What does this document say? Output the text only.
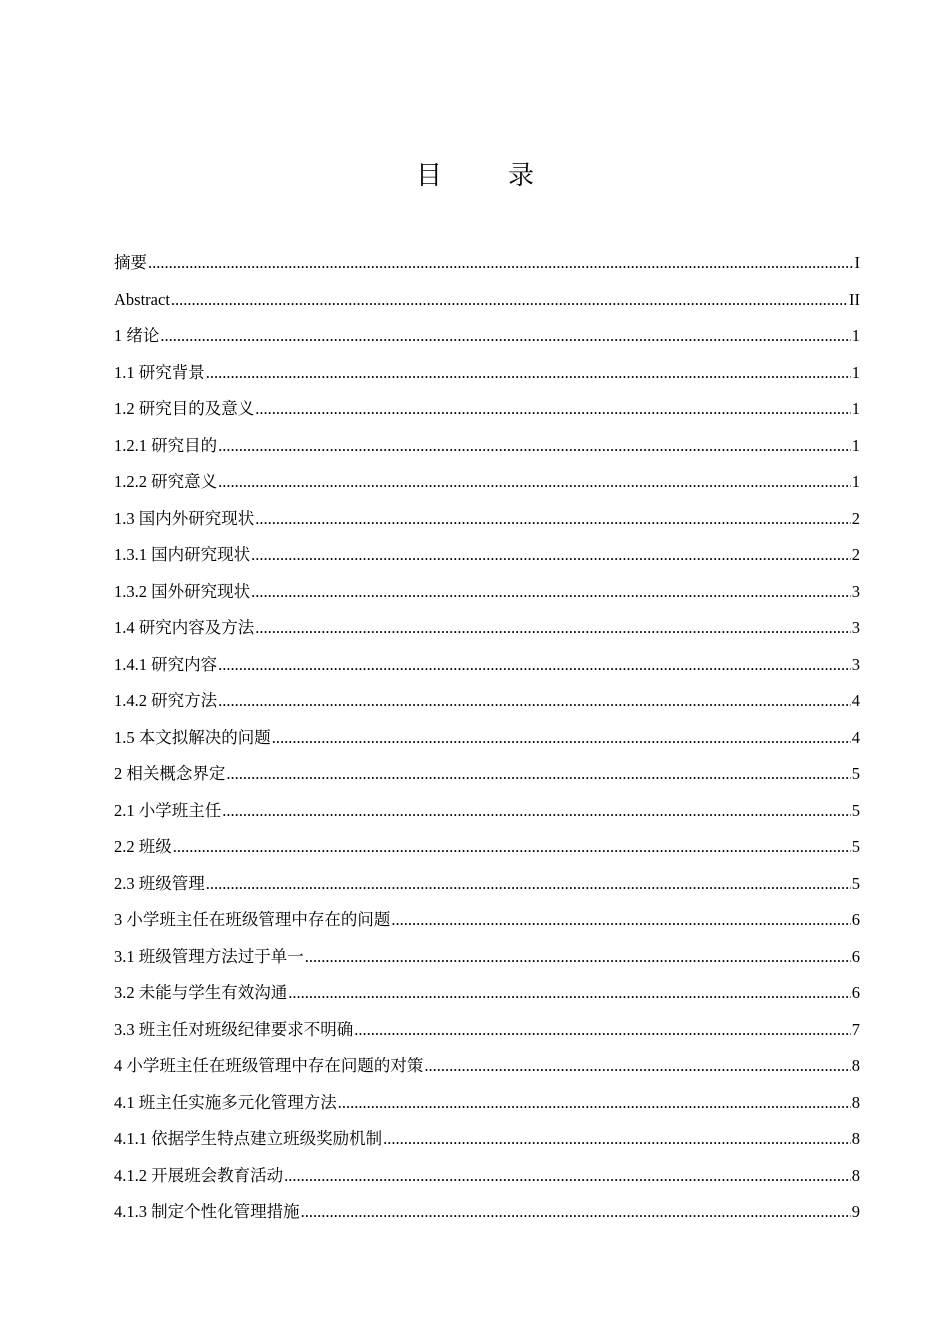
目　录
摘要 .....	I
Abstract .....	II
1 绪论 .....	1
1.1 研究背景 .....	1
1.2 研究目的及意义 .....	1
1.2.1 研究目的 .....	1
1.2.2 研究意义 .....	1
1.3 国内外研究现状 .....	2
1.3.1 国内研究现状 .....	2
1.3.2 国外研究现状 .....	3
1.4 研究内容及方法 .....	3
1.4.1 研究内容 .....	3
1.4.2 研究方法 .....	4
1.5 本文拟解决的问题 .....	4
2 相关概念界定 .....	5
2.1 小学班主任 .....	5
2.2 班级 .....	5
2.3 班级管理 .....	5
3 小学班主任在班级管理中存在的问题 .....	6
3.1 班级管理方法过于单一 .....	6
3.2 未能与学生有效沟通 .....	6
3.3 班主任对班级纪律要求不明确 .....	7
4 小学班主任在班级管理中存在问题的对策 .....	8
4.1 班主任实施多元化管理方法 .....	8
4.1.1 依据学生特点建立班级奖励机制 .....	8
4.1.2 开展班会教育活动 .....	8
4.1.3 制定个性化管理措施 .....	9
